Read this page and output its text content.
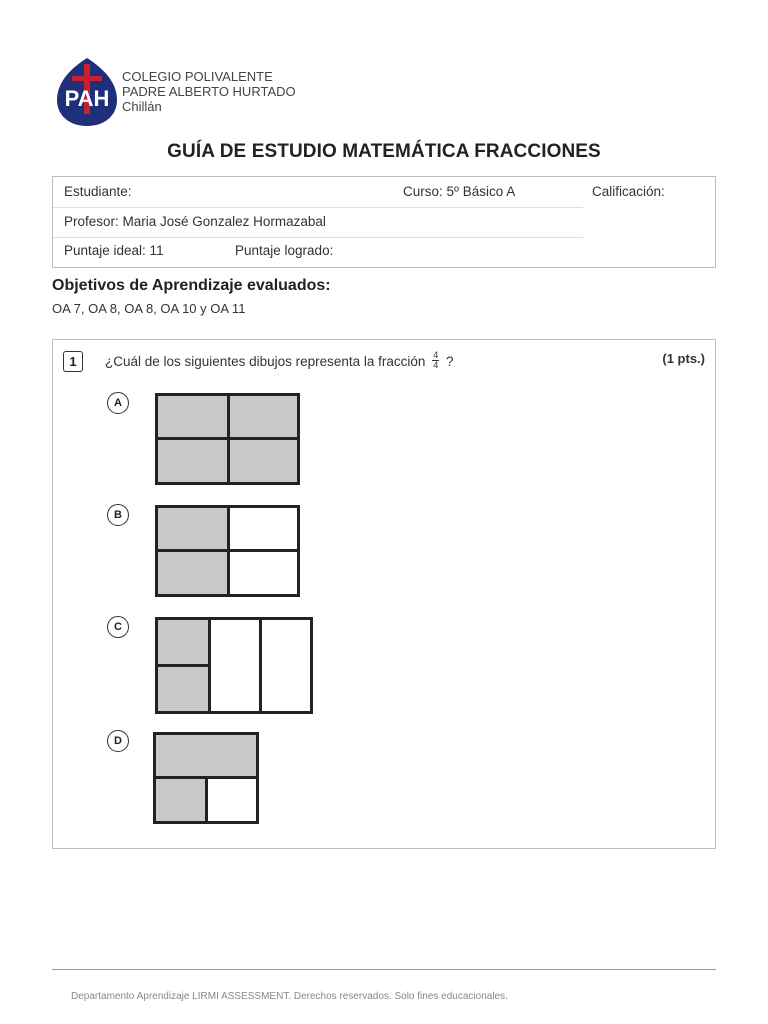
PAH
COLEGIO POLIVALENTE
PADRE ALBERTO HURTADO
Chillán
GUÍA DE ESTUDIO MATEMÁTICA FRACCIONES
Estudiante:	Curso: 5º Básico A	Calificación:
Profesor: Maria José Gonzalez Hormazabal
Puntaje ideal: 11	Puntaje logrado:
Objetivos de Aprendizaje evaluados:
OA 7, OA 8, OA 8, OA 10 y OA 11
1	¿Cuál de los siguientes dibujos representa la fracción $\frac{4}{4}$ ?	(1 pts.)
A
B
C
D
Departamento Aprendizaje LIRMI ASSESSMENT. Derechos reservados. Solo fines educacionales.
